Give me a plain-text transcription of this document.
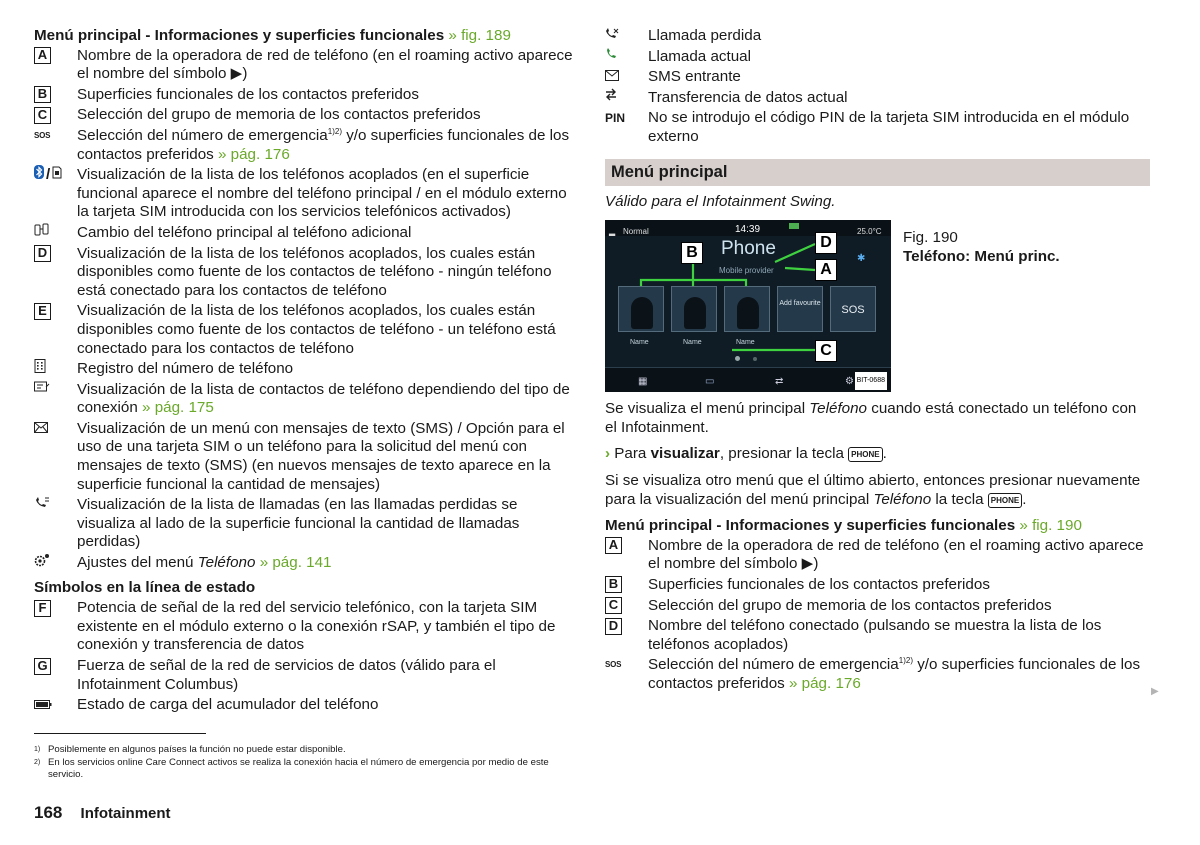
Menú principal - Informaciones y superficies funcionales » fig. 189
A Nombre de la operadora de red de teléfono (en el roaming activo aparece el nombre del símbolo ▶)
B Superficies funcionales de los contactos preferidos
C Selección del grupo de memoria de los contactos preferidos
SOS Selección del número de emergencia$^{1)2)}$ y/o superficies funcionales de los contactos preferidos » pág. 176
/ Visualización de la lista de los teléfonos acoplados (en el superficie funcional aparece el nombre del teléfono principal / en el módulo externo la tarjeta SIM introducida con los servicios telefónicos activados)
Cambio del teléfono principal al teléfono adicional
D Visualización de la lista de los teléfonos acoplados, los cuales están disponibles como fuente de los contactos de teléfono - ningún teléfono está conectado para los contactos de teléfono
E Visualización de la lista de los teléfonos acoplados, los cuales están disponibles como fuente de los contactos de teléfono - un teléfono está conectado para los contactos de teléfono
Registro del número de teléfono
Visualización de la lista de contactos de teléfono dependiendo del tipo de conexión » pág. 175
Visualización de un menú con mensajes de texto (SMS) / Opción para el uso de una tarjeta SIM o un teléfono para la solicitud del menú con mensajes de texto (SMS) (en nuevos mensajes de texto aparece en la superficie funcional la cantidad de mensajes)
Visualización de la lista de llamadas (en las llamadas perdidas se visualiza al lado de la superficie funcional la cantidad de llamadas perdidas)
Ajustes del menú Teléfono » pág. 141
Símbolos en la línea de estado
F Potencia de señal de la red del servicio telefónico, con la tarjeta SIM existente en el módulo externo o la conexión rSAP, y también el tipo de conexión y transferencia de datos
G Fuerza de señal de la red de servicios de datos (válido para el Infotainment Columbus)
Estado de carga del acumulador del teléfono
Llamada perdida
Llamada actual
SMS entrante
Transferencia de datos actual
PIN No se introdujo el código PIN de la tarjeta SIM introducida en el módulo externo
Menú principal
Válido para el Infotainment Swing.
▂ Normal	14:39	25.0°C
Phone
Mobile provider
✱
Add favourite
SOS
Name	Name	Name
D
B
A
C
▦	▭	⇄	⚙ BIT-0688
Fig. 190
Teléfono: Menú princ.
Se visualiza el menú principal Teléfono cuando está conectado un teléfono con el Infotainment.
› Para visualizar, presionar la tecla PHONE .
Si se visualiza otro menú que el último abierto, entonces presionar nuevamente para la visualización del menú principal Teléfono la tecla PHONE .
Menú principal - Informaciones y superficies funcionales » fig. 190
A Nombre de la operadora de red de teléfono (en el roaming activo aparece el nombre del símbolo ▶)
B Superficies funcionales de los contactos preferidos
C Selección del grupo de memoria de los contactos preferidos
D Nombre del teléfono conectado (pulsando se muestra la lista de los teléfonos acoplados)
SOS Selección del número de emergencia$^{1)2)}$ y/o superficies funcionales de los contactos preferidos » pág. 176	▶
1) Posiblemente en algunos países la función no puede estar disponible.
2) En los servicios online Care Connect activos se realiza la conexión hacia el número de emergencia por medio de este servicio.
168 Infotainment
